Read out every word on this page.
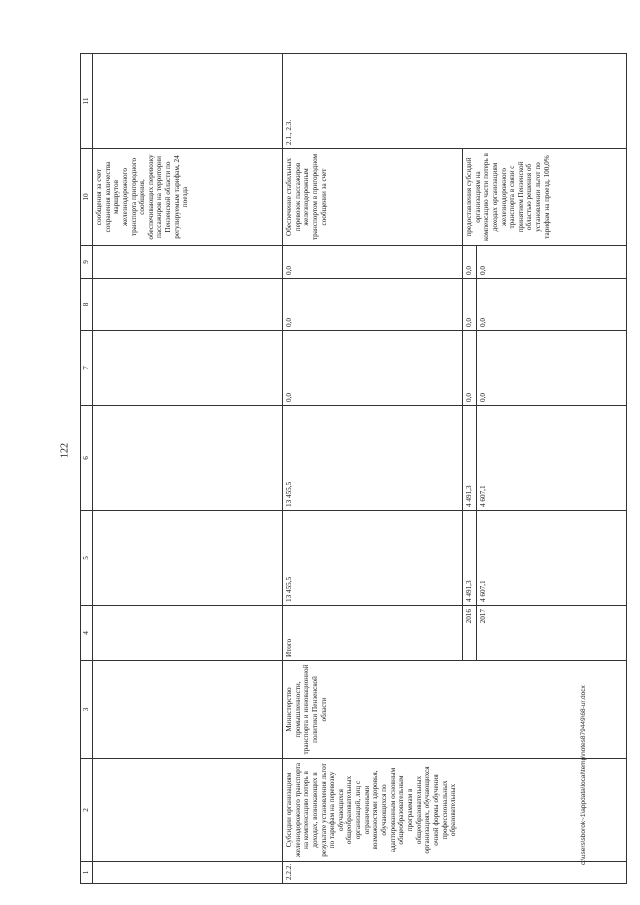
122
1	2	3	4	5	6	7	8	9	10	11
									сообщения за счет сохранения количества маршрутов железнодорожного транспорта пригородного сообщения, обеспечивающих перевозку пассажиров на территории Пензенской области по регулируемым тарифам, 24 поезда	
2.2.2.	Субсидии организациям железнодорожного транспорта на компенсацию потерь в доходах, возникающих в результате установления льгот по тарифам на перевозку обучающихся общеобразовательных организаций, лиц с ограниченными возможностями здоровья, обучающихся по адаптированным основным общеобразовательным программам в общеобразовательных организациях, обучающихся очной формы обучения профессиональных образовательных	Министерство промышленности, транспорта и инновационной политики Пензенской области	Итого	13 455,5	13 455,5	0,0	0,0	0,0	Обеспечение стабильных перевозок пассажиров железнодорожным транспортом в пригородном сообщении за счет	2.1., 2.3.
			2016	4 491,3	4 491,3	0,0	0,0	0,0	предоставления субсидий организациям на компенсацию части потерь в доходах организациям железнодорожного транспорта в связи с принятием Пензенской областью решения об установлении льгот по тарифам на проезд, 100,0%	
			2017	4 607,1	4 607,1	0,0	0,0	0,0		
c:\users\sborok~1\appdata\local\temp\notes879449\68-ur.docx
